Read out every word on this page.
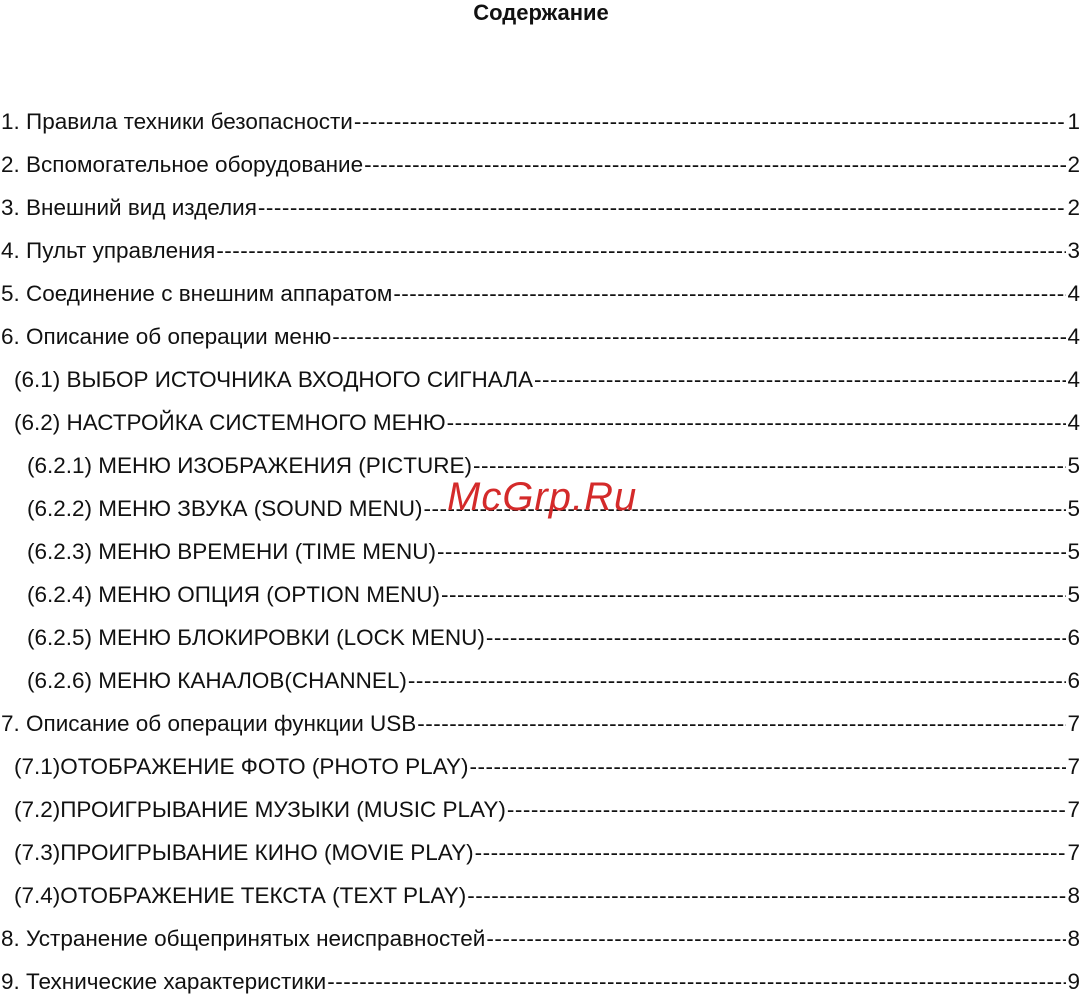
Содержание
1. Правила техники безопасности -----	1
2. Вспомогательное оборудование -----	2
3. Внешний вид изделия -----	2
4. Пульт управления -----	3
5. Соединение с внешним аппаратом -----	4
6. Описание об операции меню -----	4
(6.1) ВЫБОР ИСТОЧНИКА ВХОДНОГО СИГНАЛА -----	4
(6.2) НАСТРОЙКА СИСТЕМНОГО МЕНЮ -----	4
(6.2.1) МЕНЮ ИЗОБРАЖЕНИЯ (PICTURE) -----	5
(6.2.2) МЕНЮ ЗВУКА (SOUND MENU) -----	5
(6.2.3) МЕНЮ ВРЕМЕНИ (TIME MENU) -----	5
(6.2.4) МЕНЮ ОПЦИЯ (OPTION MENU) -----	5
(6.2.5) МЕНЮ БЛОКИРОВКИ (LOCK MENU) -----	6
(6.2.6) МЕНЮ КАНАЛОВ(CHANNEL) -----	6
7. Описание об операции функции USB -----	7
(7.1)ОТОБРАЖЕНИЕ ФОТО (PHOTO PLAY) -----	7
(7.2)ПРОИГРЫВАНИЕ МУЗЫКИ (MUSIC PLAY) -----	7
(7.3)ПРОИГРЫВАНИЕ КИНО (MOVIE PLAY) -----	7
(7.4)ОТОБРАЖЕНИЕ ТЕКСТА (TEXT PLAY) -----	8
8. Устранение общепринятых неисправностей -----	8
9. Технические характеристики -----	9
McGrp.Ru
